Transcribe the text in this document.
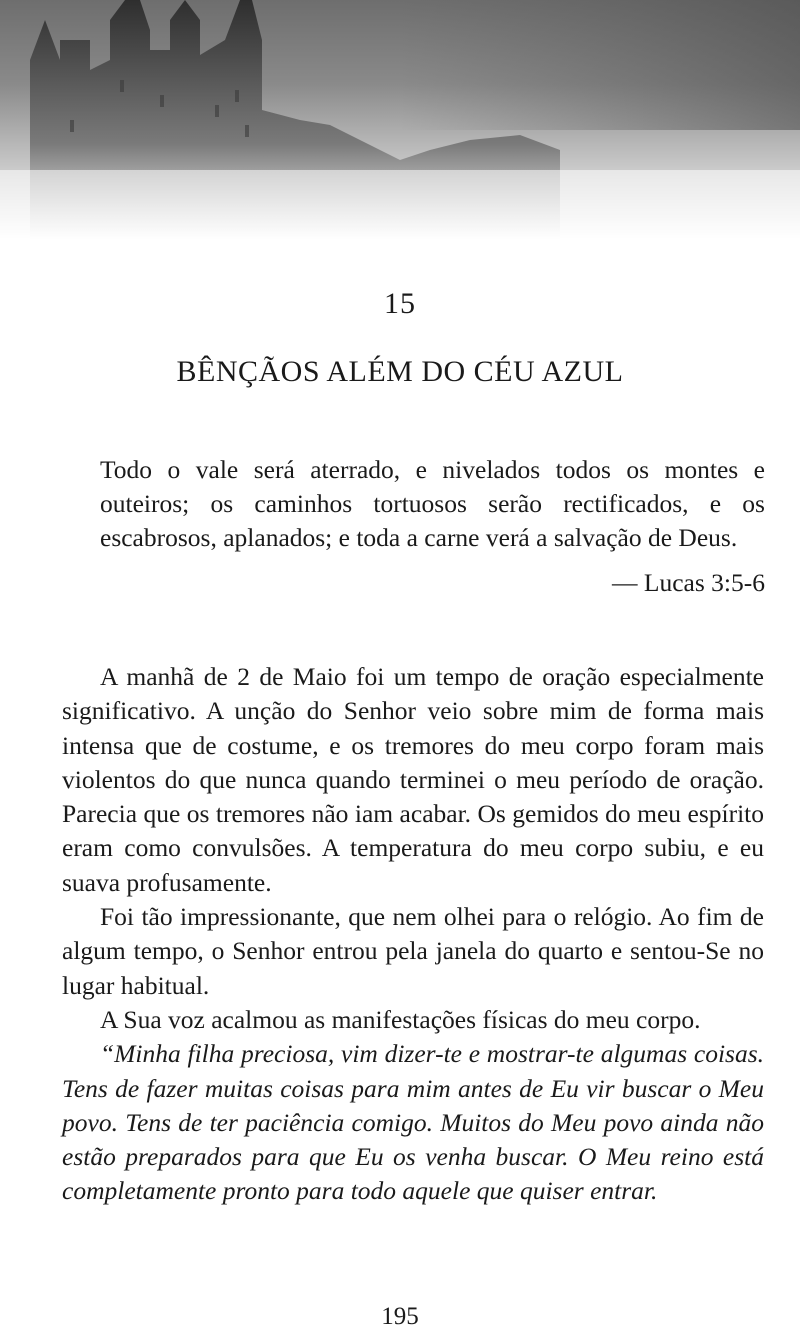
15
BÊNÇÃOS ALÉM DO CÉU AZUL
Todo o vale será aterrado, e nivelados todos os montes e outeiros; os caminhos tortuosos serão rectificados, e os escabrosos, aplanados; e toda a carne verá a salvação de Deus.
— Lucas 3:5-6

A manhã de 2 de Maio foi um tempo de oração especialmente significativo. A unção do Senhor veio sobre mim de forma mais intensa que de costume, e os tremores do meu corpo foram mais violentos do que nunca quando terminei o meu período de oração. Parecia que os tremores não iam acabar. Os gemidos do meu espírito eram como convulsões. A temperatura do meu corpo subiu, e eu suava profusamente.

Foi tão impressionante, que nem olhei para o relógio. Ao fim de algum tempo, o Senhor entrou pela janela do quarto e sentou-Se no lugar habitual.

A Sua voz acalmou as manifestações físicas do meu corpo.

“Minha filha preciosa, vim dizer-te e mostrar-te algumas coisas. Tens de fazer muitas coisas para mim antes de Eu vir buscar o Meu povo. Tens de ter paciência comigo. Muitos do Meu povo ainda não estão preparados para que Eu os venha buscar. O Meu reino está completamente pronto para todo aquele que quiser entrar.

195
